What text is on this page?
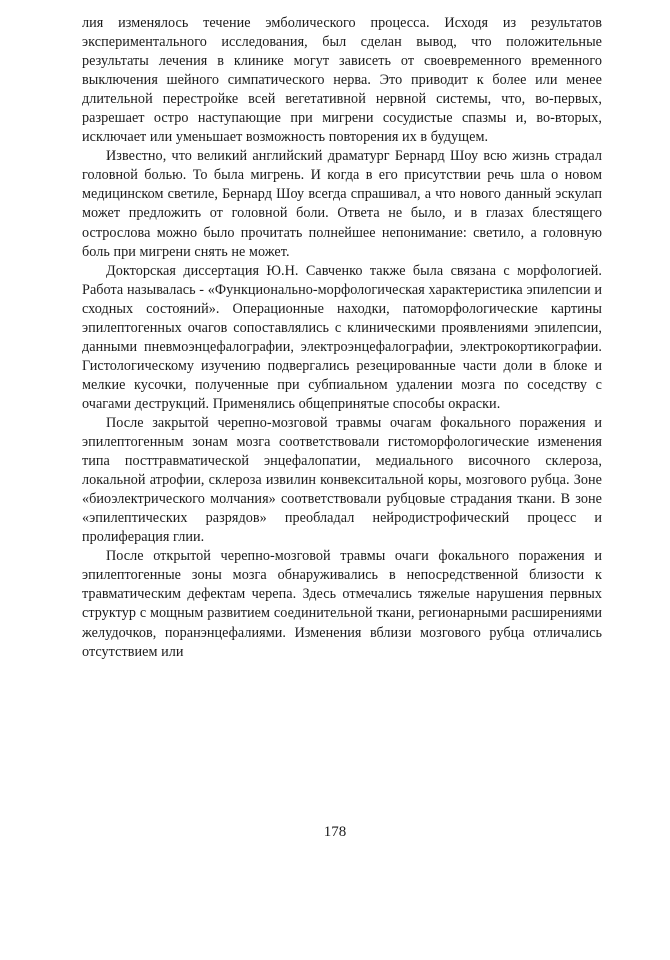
лия изменялось течение эмболического процесса. Исходя из результатов экспериментального исследования, был сделан вывод, что положительные результаты лечения в клинике могут зависеть от своевременного временного выключения шейного симпатического нерва. Это приводит к более или менее длительной перестройке всей вегетативной нервной системы, что, во-первых, разрешает остро наступающие при мигрени сосудистые спазмы и, во-вторых, исключает или уменьшает возможность повторения их в будущем.

Известно, что великий английский драматург Бернард Шоу всю жизнь страдал головной болью. То была мигрень. И когда в его присутствии речь шла о новом медицинском светиле, Бернард Шоу всегда спрашивал, а что нового данный эскулап может предложить от головной боли. Ответа не было, и в глазах блестящего острослова можно было прочитать полнейшее непонимание: светило, а головную боль при мигрени снять не может.

Докторская диссертация Ю.Н. Савченко также была связана с морфологией. Работа называлась - «Функционально-морфологическая характеристика эпилепсии и сходных состояний». Операционные находки, патоморфологические картины эпилептогенных очагов сопоставлялись с клиническими проявлениями эпилепсии, данными пневмоэнцефалографии, электроэнцефалографии, электрокортикографии. Гистологическому изучению подвергались резецированные части доли в блоке и мелкие кусочки, полученные при субпиальном удалении мозга по соседству с очагами деструкций. Применялись общепринятые способы окраски.

После закрытой черепно-мозговой травмы очагам фокального поражения и эпилептогенным зонам мозга соответствовали гистоморфологические изменения типа посттравматической энцефалопатии, медиального височного склероза, локальной атрофии, склероза извилин конвекситальной коры, мозгового рубца. Зоне «биоэлектрического молчания» соответствовали рубцовые страдания ткани. В зоне «эпилептических разрядов» преобладал нейродистрофический процесс и пролиферация глии.

После открытой черепно-мозговой травмы очаги фокального поражения и эпилептогенные зоны мозга обнаруживались в непосредственной близости к травматическим дефектам черепа. Здесь отмечались тяжелые нарушения первных структур с мощным развитием соединительной ткани, регионарными расширениями желудочков, поранэнцефалиями. Изменения вблизи мозгового рубца отличались отсутствием или

178
